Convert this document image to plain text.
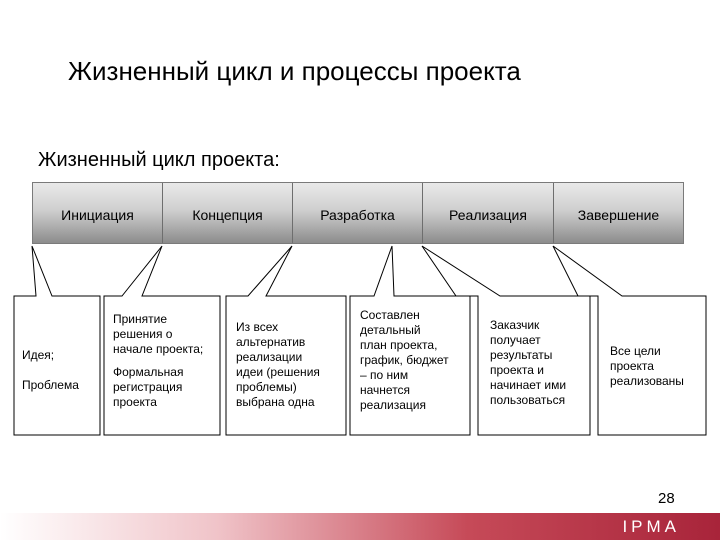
Жизненный цикл и процессы проекта
Жизненный цикл проекта:
Инициация	Концепция	Разработка	Реализация	Завершение
Идея;
Проблема
Принятие
решения о
начале проекта;
Формальная
регистрация
проекта
Из всех
альтернатив
реализации
идеи (решения
проблемы)
выбрана одна
Составлен
детальный
план проекта,
график, бюджет
– по ним
начнется
реализация
Заказчик
получает
результаты
проекта и
начинает ими
пользоваться
Все цели
проекта
реализованы
28
IPMA
